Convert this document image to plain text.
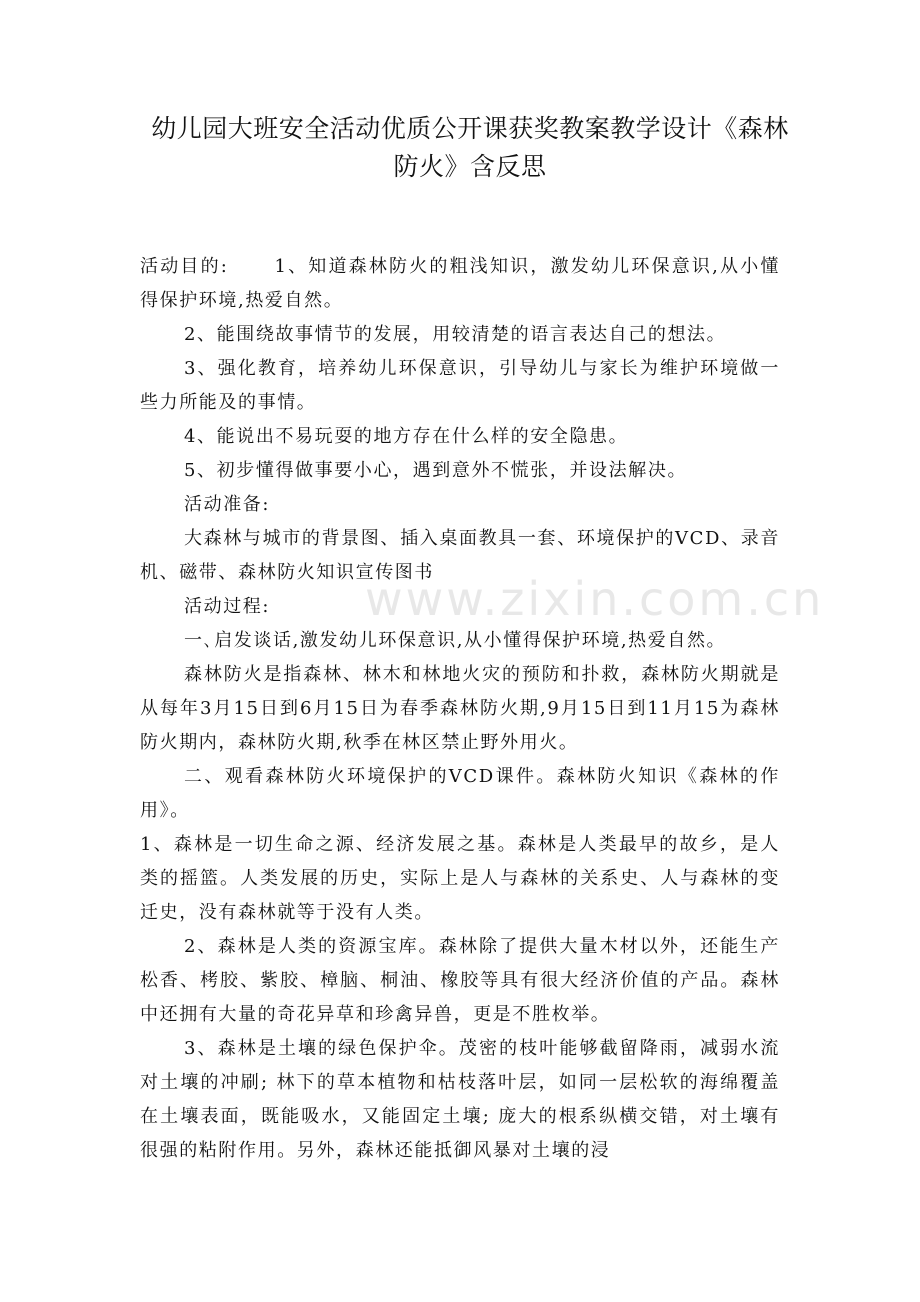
幼儿园大班安全活动优质公开课获奖教案教学设计《森林防火》含反思
www.zixin.com.cn

活动目的:	1、知道森林防火的粗浅知识，激发幼儿环保意识,从小懂得保护环境,热爱自然。

2、能围绕故事情节的发展，用较清楚的语言表达自己的想法。

3、强化教育，培养幼儿环保意识，引导幼儿与家长为维护环境做一些力所能及的事情。

4、能说出不易玩耍的地方存在什么样的安全隐患。

5、初步懂得做事要小心，遇到意外不慌张，并设法解决。

活动准备:

大森林与城市的背景图、插入桌面教具一套、环境保护的VCD、录音机、磁带、森林防火知识宣传图书

活动过程:

一､启发谈话,激发幼儿环保意识,从小懂得保护环境,热爱自然。

森林防火是指森林、林木和林地火灾的预防和扑救，森林防火期就是从每年3月15日到6月15日为春季森林防火期,9月15日到11月15为森林防火期内，森林防火期,秋季在林区禁止野外用火。

二、观看森林防火环境保护的VCD课件。森林防火知识《森林的作用》。

1、森林是一切生命之源、经济发展之基。森林是人类最早的故乡，是人类的摇篮。人类发展的历史，实际上是人与森林的关系史、人与森林的变迁史，没有森林就等于没有人类。

2、森林是人类的资源宝库。森林除了提供大量木材以外，还能生产松香、栲胶、紫胶、樟脑、桐油、橡胶等具有很大经济价值的产品。森林中还拥有大量的奇花异草和珍禽异兽，更是不胜枚举。

3、森林是土壤的绿色保护伞。茂密的枝叶能够截留降雨，减弱水流对土壤的冲刷; 林下的草本植物和枯枝落叶层，如同一层松软的海绵覆盖在土壤表面，既能吸水，又能固定土壤; 庞大的根系纵横交错，对土壤有很强的粘附作用。另外，森林还能抵御风暴对土壤的浸
